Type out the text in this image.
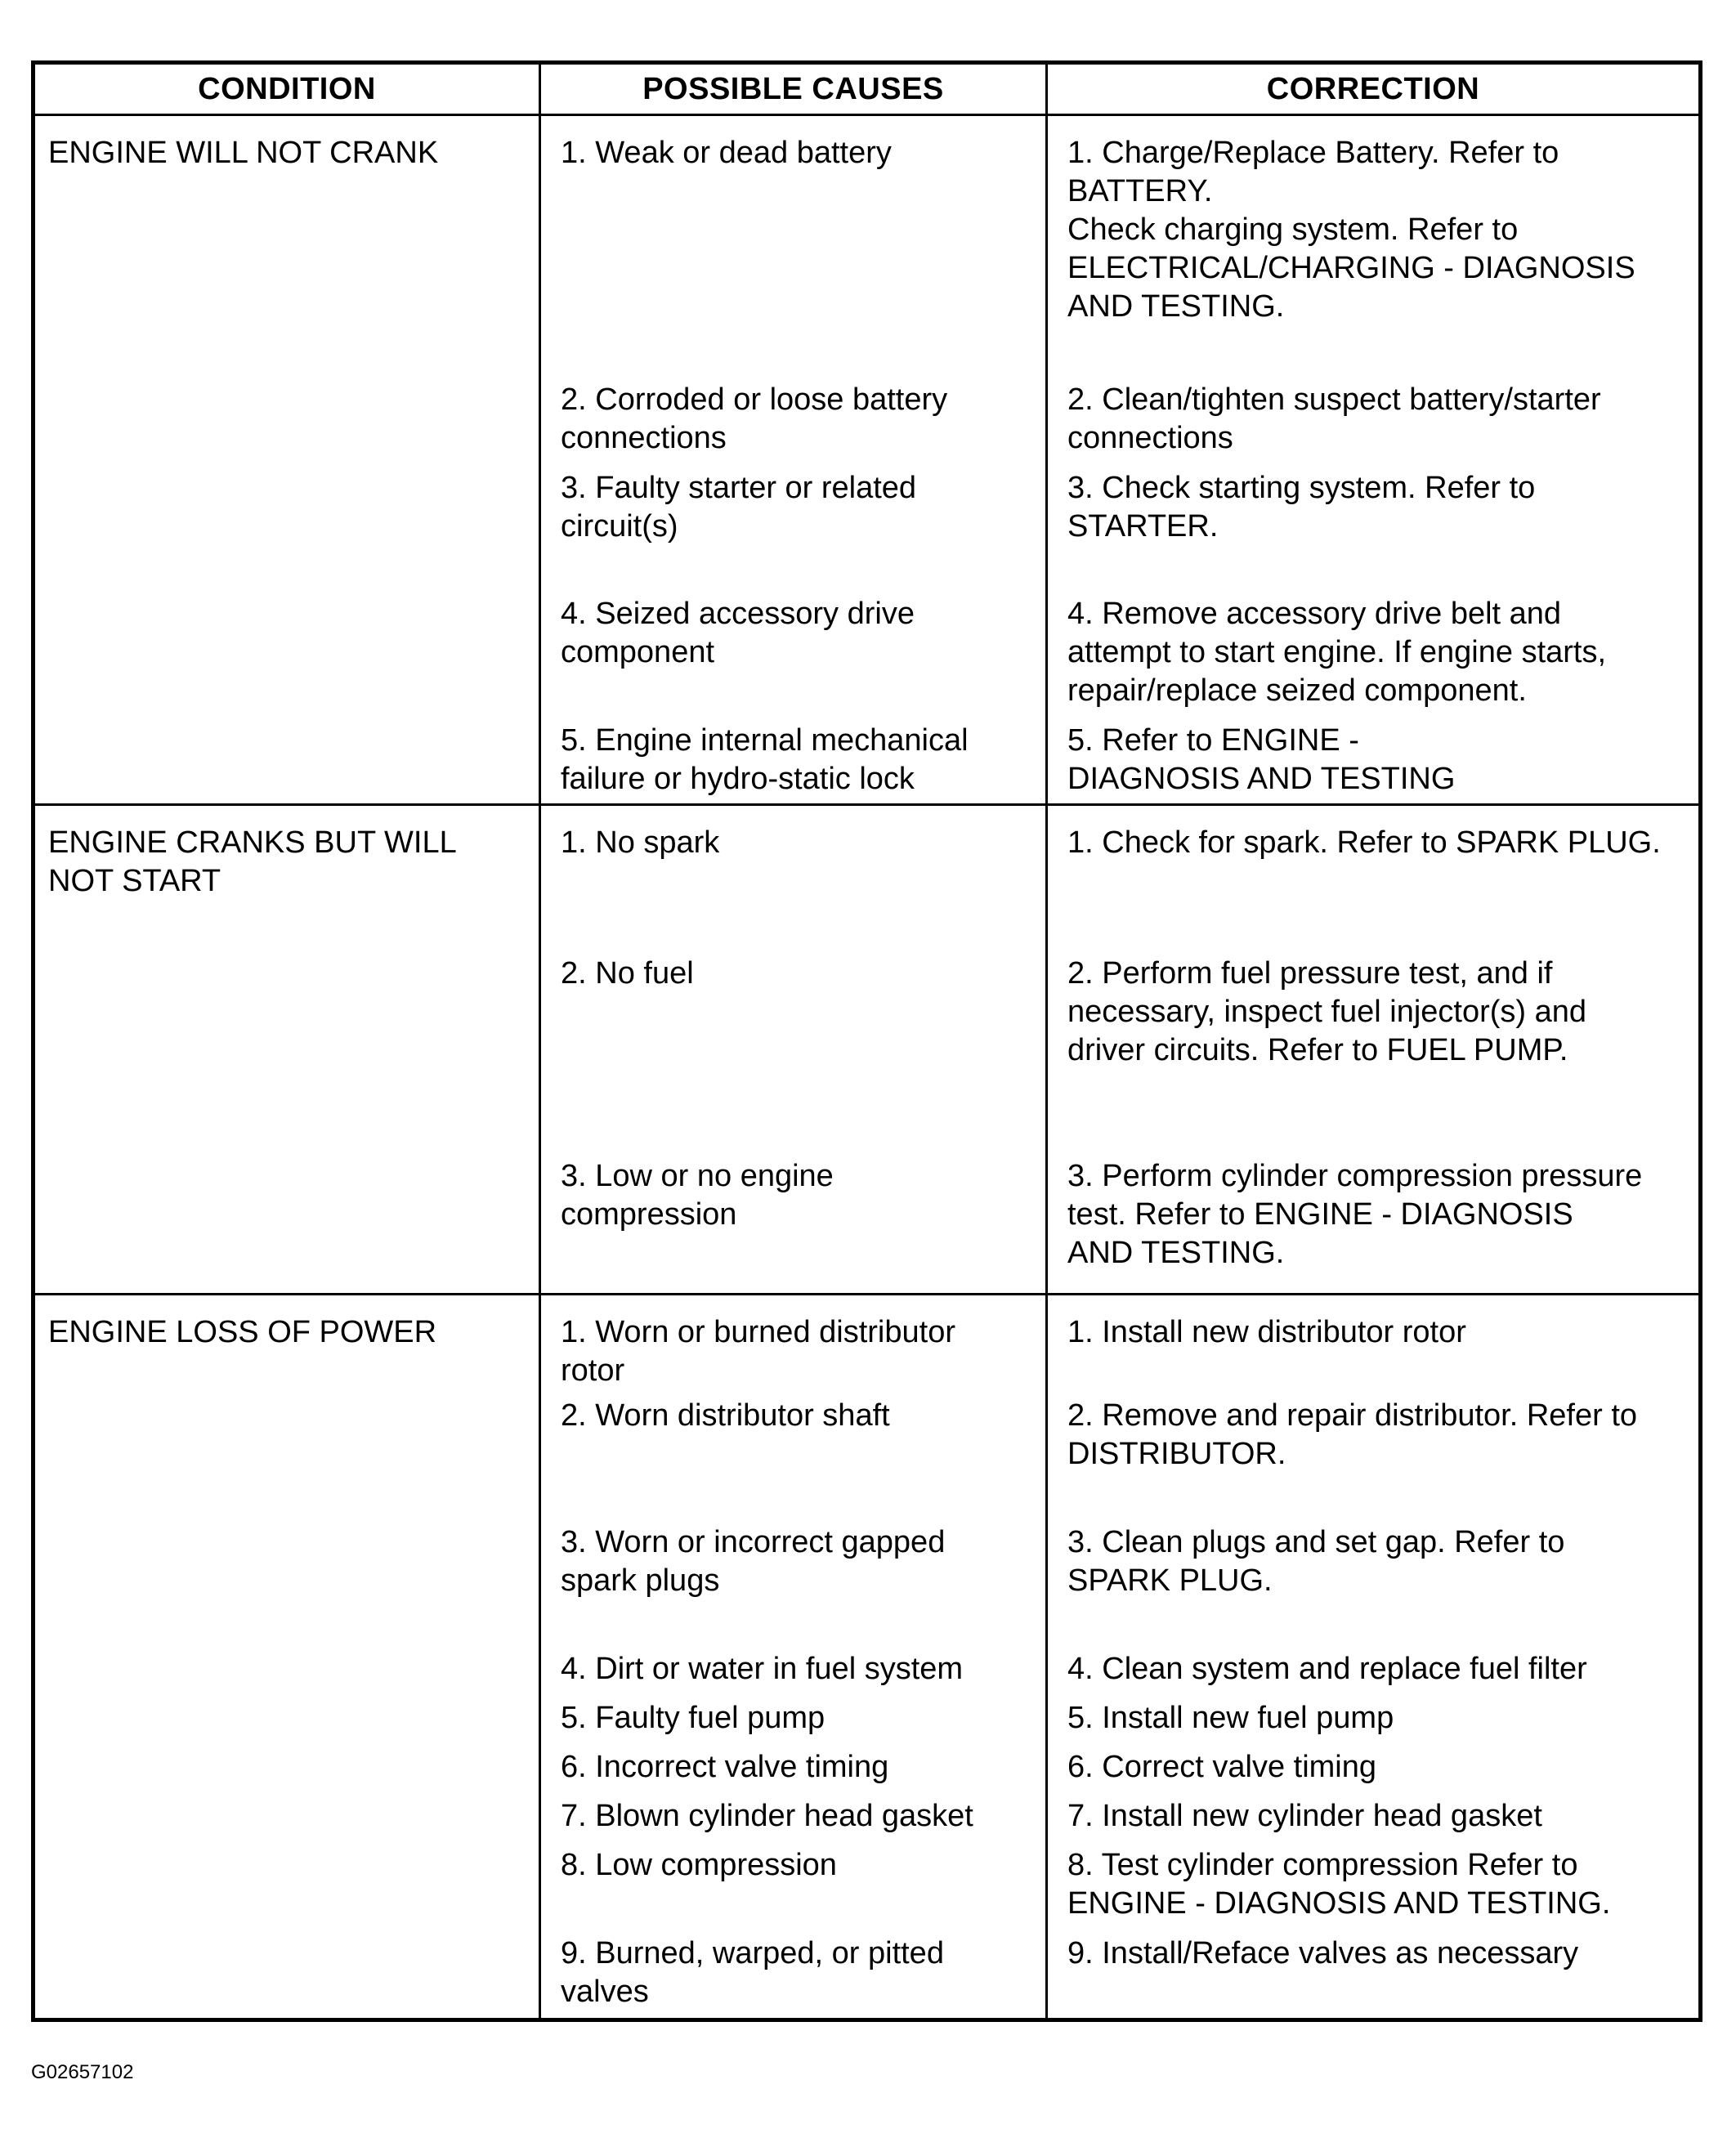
CONDITION	POSSIBLE CAUSES	CORRECTION

ENGINE WILL NOT CRANK	1. Weak or dead battery	1. Charge/Replace Battery. Refer to
BATTERY.
Check charging system. Refer to
ELECTRICAL/CHARGING - DIAGNOSIS
AND TESTING.

	2. Corroded or loose battery
connections	2. Clean/tighten suspect battery/starter
connections

	3. Faulty starter or related
circuit(s)	3. Check starting system. Refer to
STARTER.

	4. Seized accessory drive
component	4. Remove accessory drive belt and
attempt to start engine. If engine starts,
repair/replace seized component.

	5. Engine internal mechanical
failure or hydro-static lock	5. Refer to ENGINE -
DIAGNOSIS AND TESTING

ENGINE CRANKS BUT WILL
NOT START	1. No spark	1. Check for spark. Refer to SPARK PLUG.

	2. No fuel	2. Perform fuel pressure test, and if
necessary, inspect fuel injector(s) and
driver circuits. Refer to FUEL PUMP.

	3. Low or no engine
compression	3. Perform cylinder compression pressure
test. Refer to ENGINE - DIAGNOSIS
AND TESTING.

ENGINE LOSS OF POWER	1. Worn or burned distributor
rotor	1. Install new distributor rotor

	2. Worn distributor shaft	2. Remove and repair distributor. Refer to
DISTRIBUTOR.

	3. Worn or incorrect gapped
spark plugs	3. Clean plugs and set gap. Refer to
SPARK PLUG.

	4. Dirt or water in fuel system	4. Clean system and replace fuel filter

	5. Faulty fuel pump	5. Install new fuel pump

	6. Incorrect valve timing	6. Correct valve timing

	7. Blown cylinder head gasket	7. Install new cylinder head gasket

	8. Low compression	8. Test cylinder compression Refer to
ENGINE - DIAGNOSIS AND TESTING.

	9. Burned, warped, or pitted
valves	9. Install/Reface valves as necessary
G02657102
